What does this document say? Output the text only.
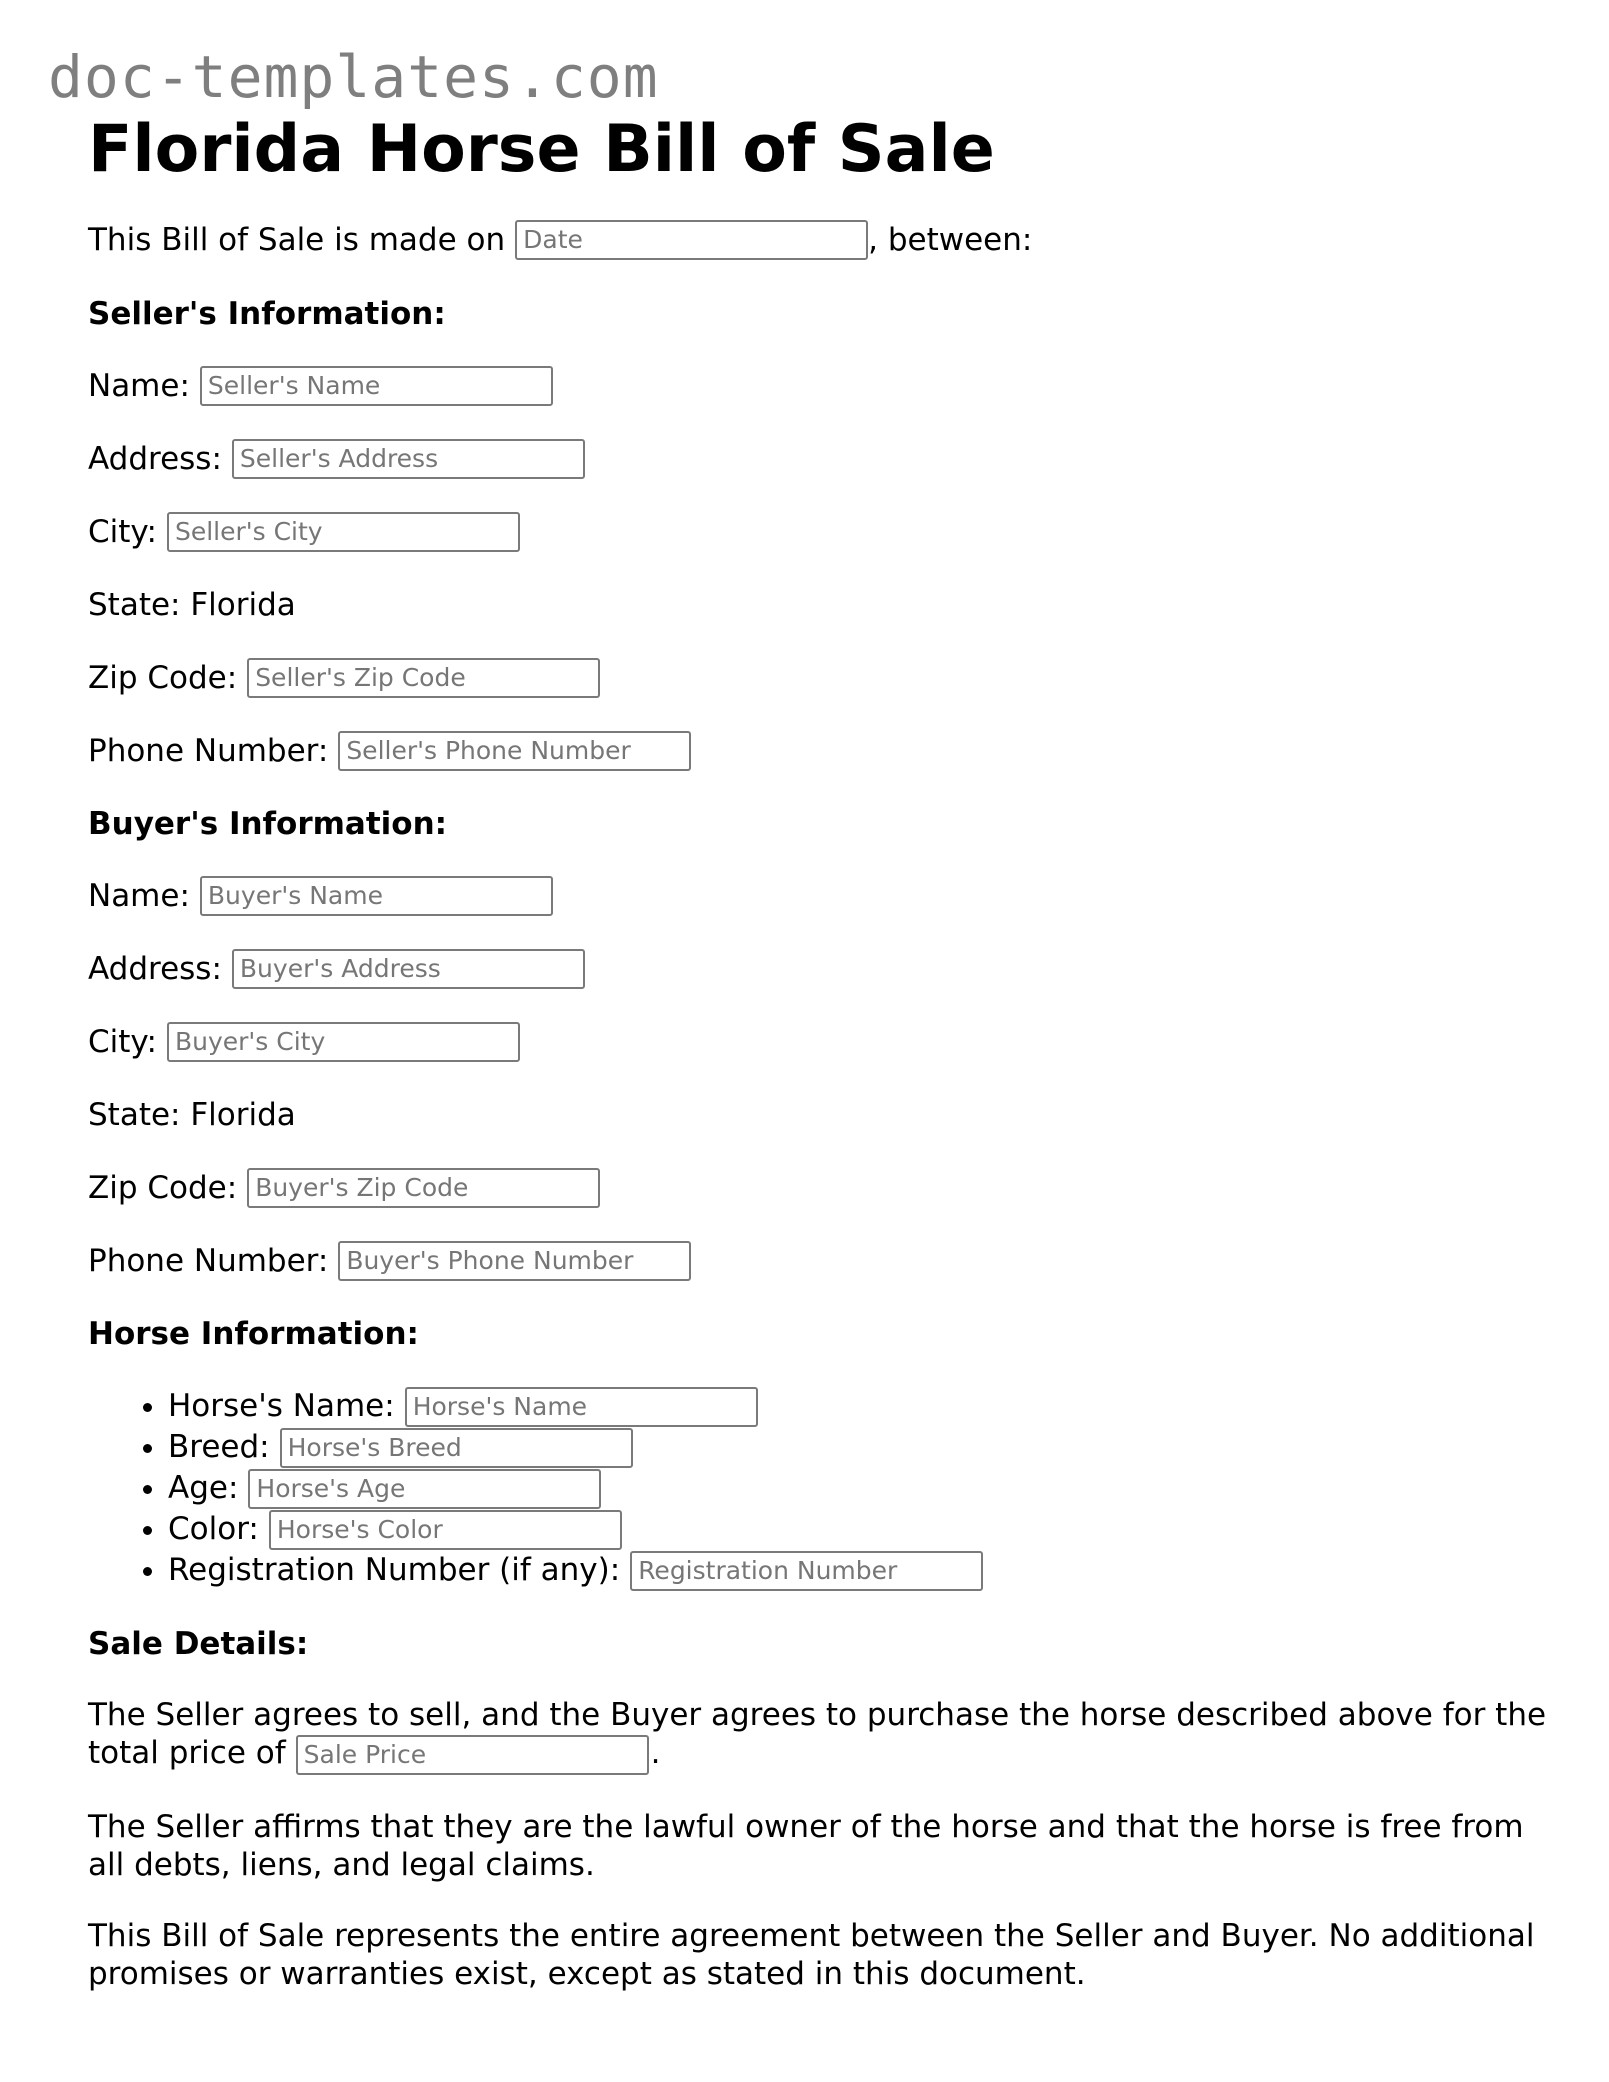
doc-templates.com
Florida Horse Bill of Sale
This Bill of Sale is made on Date	, between:
Seller's Information:
Name: Seller's Name
Address: Seller's Address
City: Seller's City
State: Florida
Zip Code: Seller's Zip Code
Phone Number: Seller's Phone Number
Buyer's Information:
Name: Buyer's Name
Address: Buyer's Address
City: Buyer's City
State: Florida
Zip Code: Buyer's Zip Code
Phone Number: Buyer's Phone Number
Horse Information:
• Horse's Name: Horse's Name
• Breed: Horse's Breed
• Age: Horse's Age
• Color: Horse's Color
• Registration Number (if any): Registration Number
Sale Details:

The Seller agrees to sell, and the Buyer agrees to purchase the horse described above for the total price of Sale Price	.

The Seller affirms that they are the lawful owner of the horse and that the horse is free from all debts, liens, and legal claims.

This Bill of Sale represents the entire agreement between the Seller and Buyer. No additional promises or warranties exist, except as stated in this document.
